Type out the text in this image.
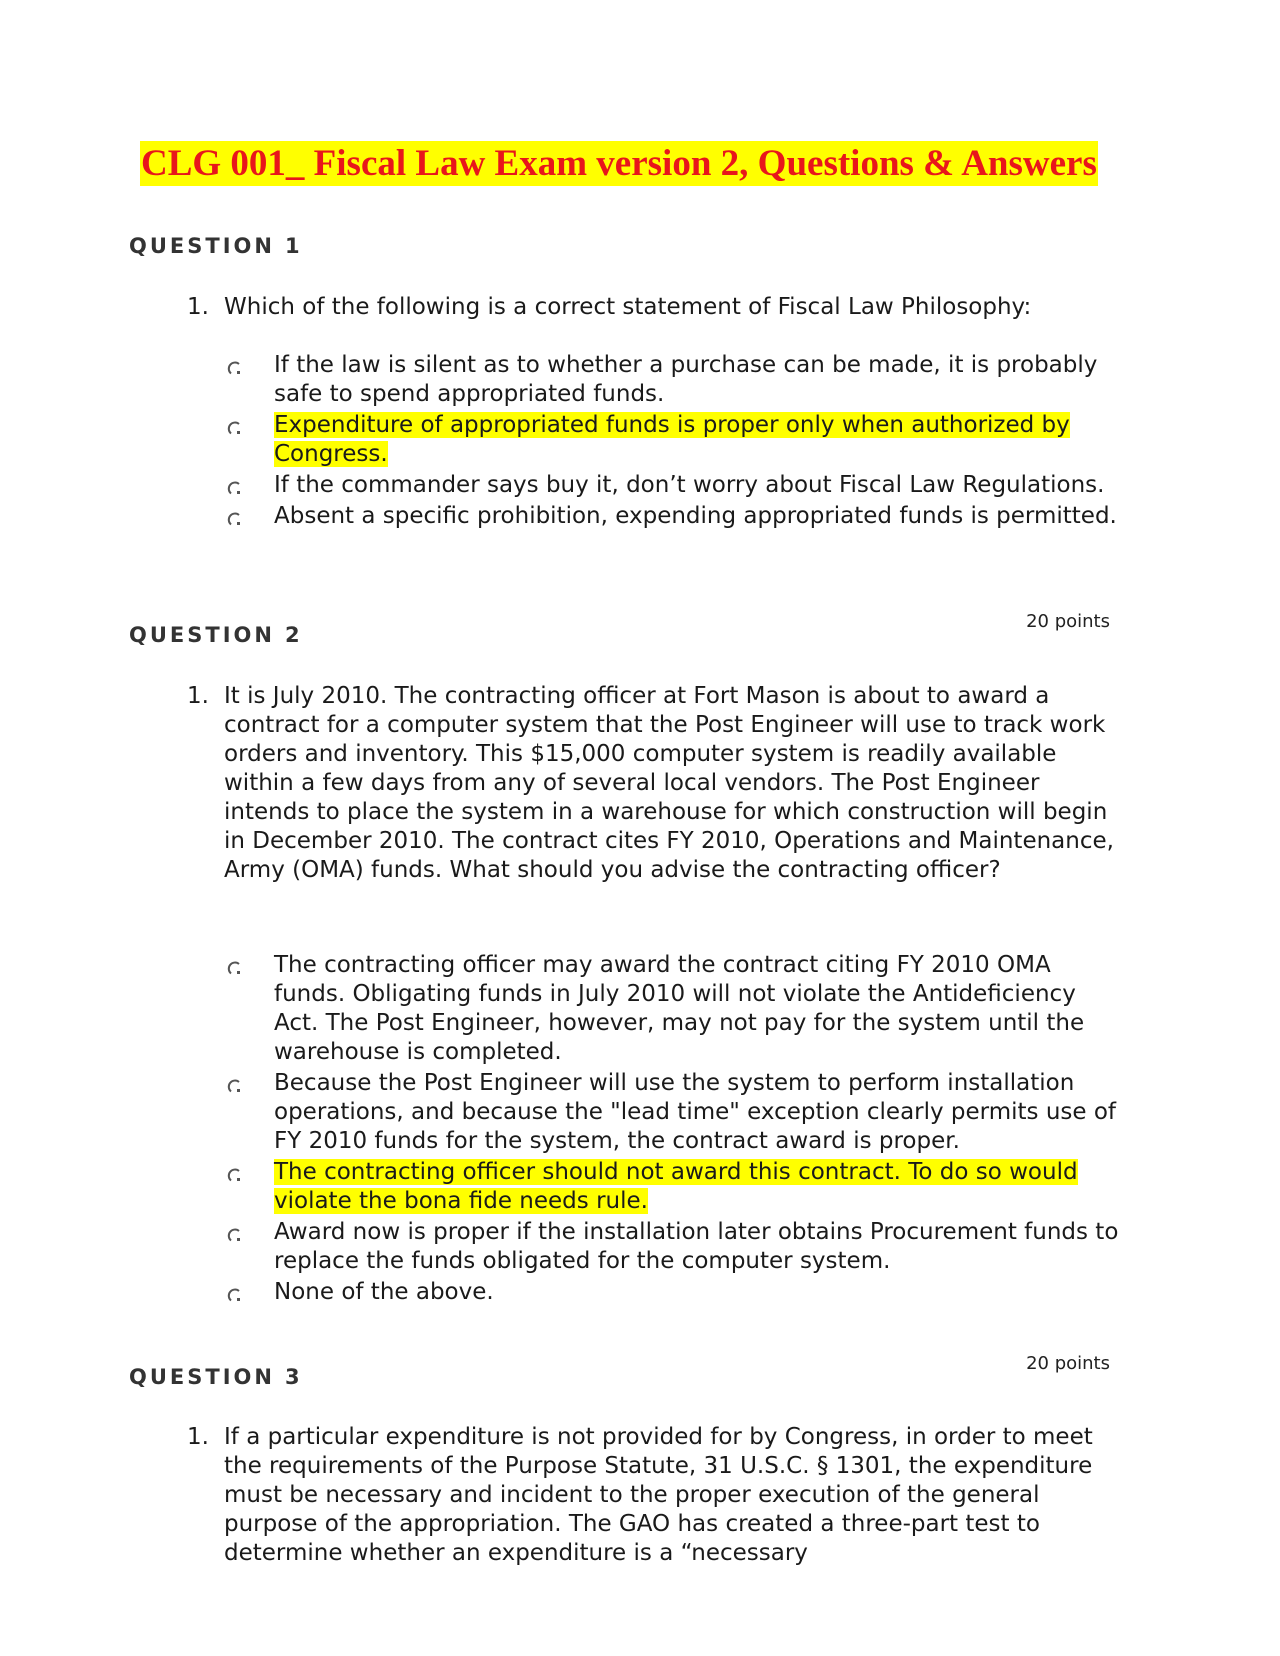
CLG 001_ Fiscal Law Exam version 2, Questions & Answers
QUESTION 1

1. Which of the following is a correct statement of Fiscal Law Philosophy:

If the law is silent as to whether a purchase can be made, it is probably safe to spend appropriated funds.
Expenditure of appropriated funds is proper only when authorized by Congress.
If the commander says buy it, don’t worry about Fiscal Law Regulations.
Absent a specific prohibition, expending appropriated funds is permitted.

20 points

QUESTION 2

1. It is July 2010. The contracting officer at Fort Mason is about to award a contract for a computer system that the Post Engineer will use to track work orders and inventory. This $15,000 computer system is readily available within a few days from any of several local vendors. The Post Engineer intends to place the system in a warehouse for which construction will begin in December 2010. The contract cites FY 2010, Operations and Maintenance, Army (OMA) funds. What should you advise the contracting officer?

The contracting officer may award the contract citing FY 2010 OMA funds. Obligating funds in July 2010 will not violate the Antideficiency Act. The Post Engineer, however, may not pay for the system until the warehouse is completed.
Because the Post Engineer will use the system to perform installation operations, and because the "lead time" exception clearly permits use of FY 2010 funds for the system, the contract award is proper.
The contracting officer should not award this contract. To do so would violate the bona fide needs rule.
Award now is proper if the installation later obtains Procurement funds to replace the funds obligated for the computer system.
None of the above.

20 points

QUESTION 3

1. If a particular expenditure is not provided for by Congress, in order to meet the requirements of the Purpose Statute, 31 U.S.C. § 1301, the expenditure must be necessary and incident to the proper execution of the general purpose of the appropriation. The GAO has created a three-part test to determine whether an expenditure is a “necessary
